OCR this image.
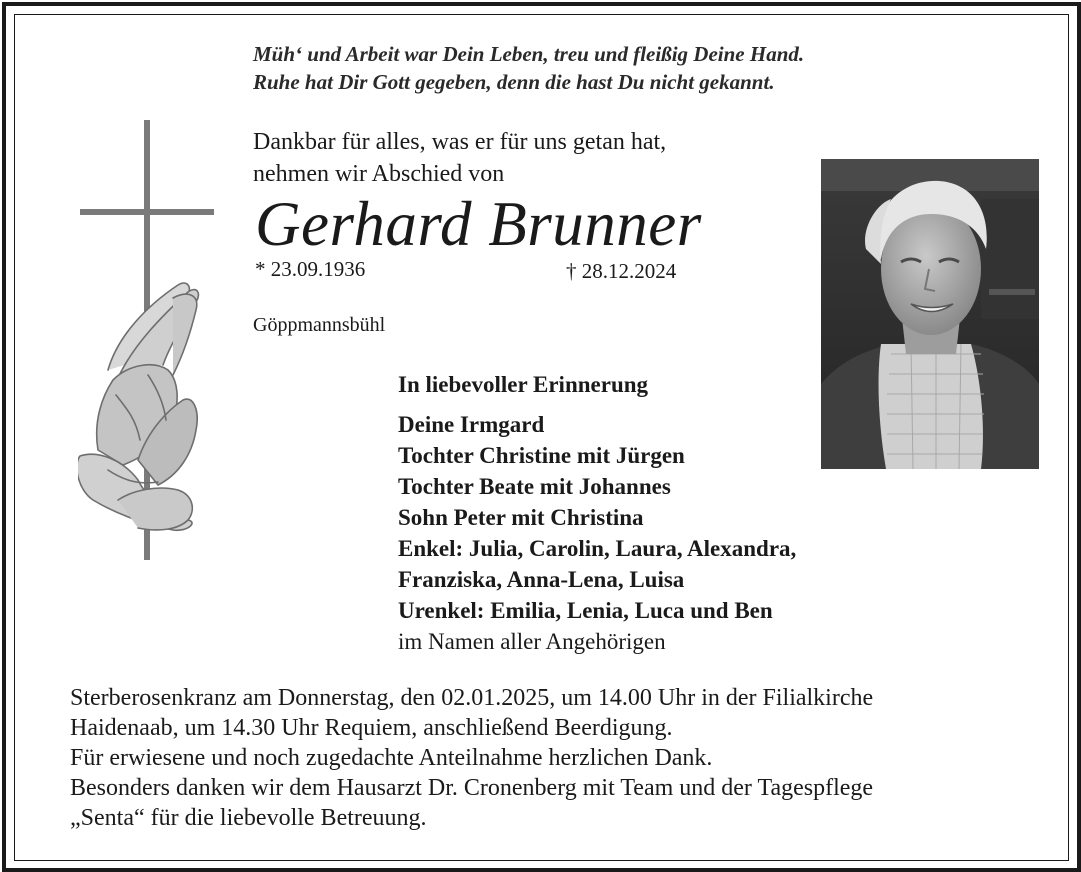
Müh‘ und Arbeit war Dein Leben, treu und fleißig Deine Hand.
Ruhe hat Dir Gott gegeben, denn die hast Du nicht gekannt.
Dankbar für alles, was er für uns getan hat,
nehmen wir Abschied von
Gerhard Brunner
* 23.09.1936	† 28.12.2024
Göppmannsbühl
In liebevoller Erinnerung
Deine Irmgard
Tochter Christine mit Jürgen
Tochter Beate mit Johannes
Sohn Peter mit Christina
Enkel: Julia, Carolin, Laura, Alexandra,
Franziska, Anna-Lena, Luisa
Urenkel: Emilia, Lenia, Luca und Ben
im Namen aller Angehörigen
Sterberosenkranz am Donnerstag, den 02.01.2025, um 14.00 Uhr in der Filialkirche
Haidenaab, um 14.30 Uhr Requiem, anschließend Beerdigung.
Für erwiesene und noch zugedachte Anteilnahme herzlichen Dank.
Besonders danken wir dem Hausarzt Dr. Cronenberg mit Team und der Tagespflege
„Senta“ für die liebevolle Betreuung.
